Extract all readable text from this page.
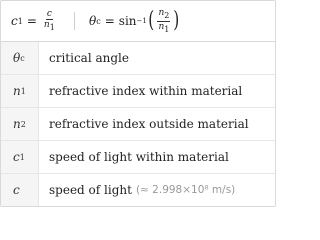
c $1 = \frac{c}{n1}$	θ c = sin −1 ( $\frac{n2}{n1}$ )
θ c critical angle
n 1 refractive index within material
n 2 refractive index outside material
c 1 speed of light within material
c speed of light (≈ 2.998×10⁸ m/s)
